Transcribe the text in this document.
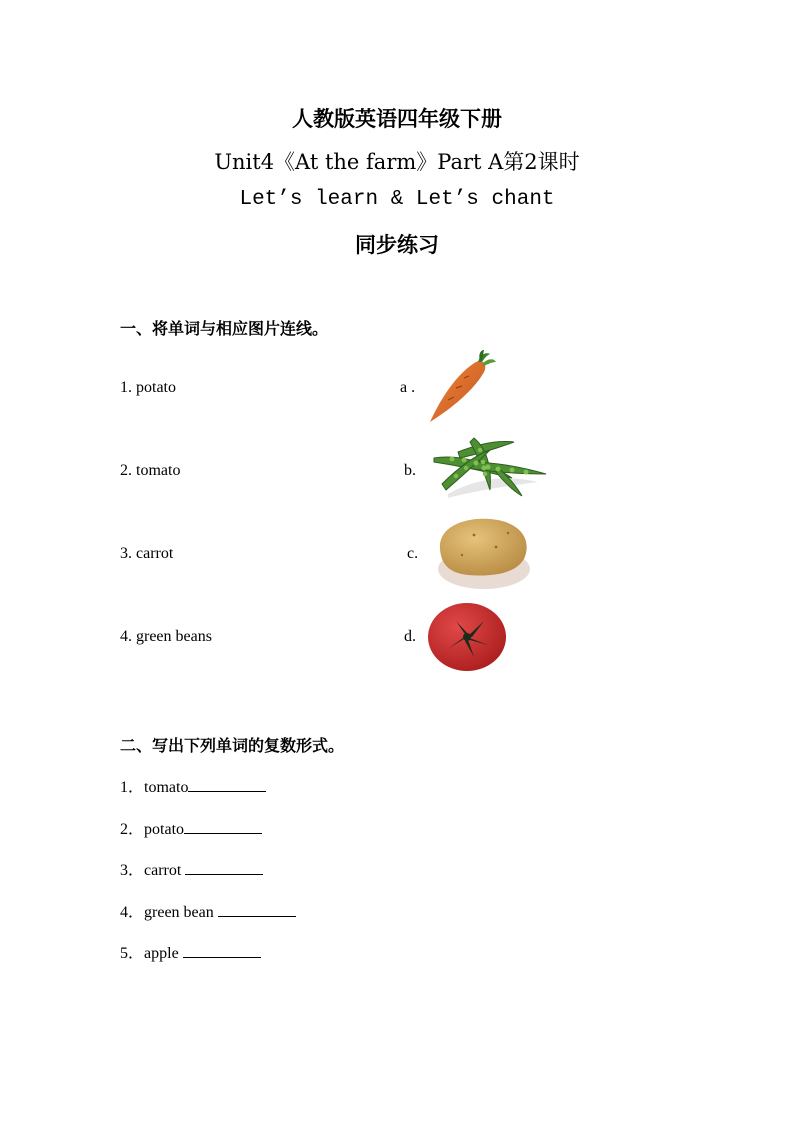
人教版英语四年级下册
Unit4《At the farm》Part A第2课时
Let’s learn & Let’s chant
同步练习
一、将单词与相应图片连线。
1. potato
2. tomato
3. carrot
4. green beans
a .
b.
c.
d.
二、写出下列单词的复数形式。
1．tomato
2．potato
3．carrot
4．green bean
5．apple
